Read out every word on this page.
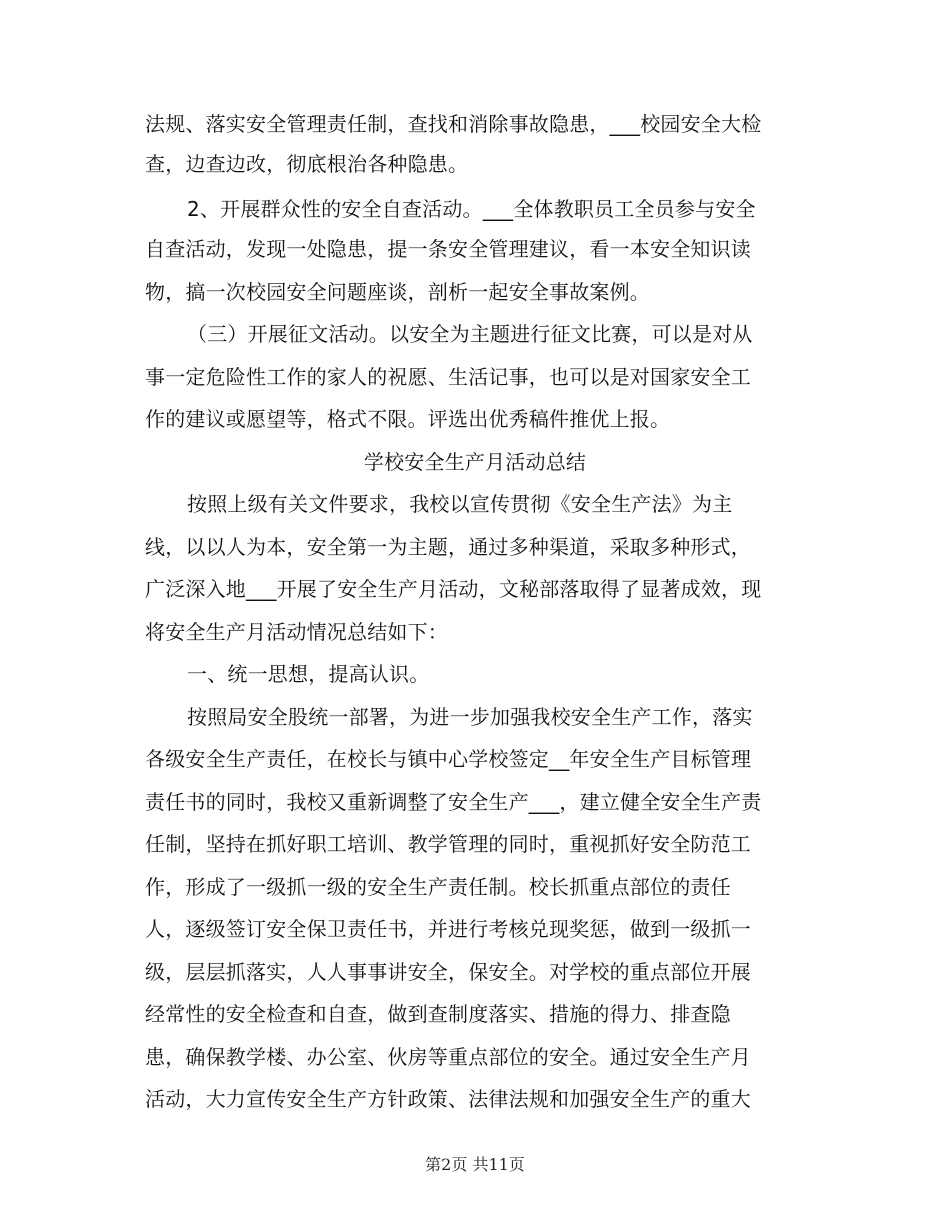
法规、落实安全管理责任制，查找和消除事故隐患，___校园安全大检
查，边查边改，彻底根治各种隐患。
2、开展群众性的安全自查活动。___全体教职员工全员参与安全
自查活动，发现一处隐患，提一条安全管理建议，看一本安全知识读
物，搞一次校园安全问题座谈，剖析一起安全事故案例。
（三）开展征文活动。以安全为主题进行征文比赛，可以是对从
事一定危险性工作的家人的祝愿、生活记事，也可以是对国家安全工
作的建议或愿望等，格式不限。评选出优秀稿件推优上报。
学校安全生产月活动总结
按照上级有关文件要求，我校以宣传贯彻《安全生产法》为主
线，以以人为本，安全第一为主题，通过多种渠道，采取多种形式，
广泛深入地___开展了安全生产月活动，文秘部落取得了显著成效，现
将安全生产月活动情况总结如下：
一、统一思想，提高认识。
按照局安全股统一部署，为进一步加强我校安全生产工作，落实
各级安全生产责任，在校长与镇中心学校签定__年安全生产目标管理
责任书的同时，我校又重新调整了安全生产___，建立健全安全生产责
任制，坚持在抓好职工培训、教学管理的同时，重视抓好安全防范工
作，形成了一级抓一级的安全生产责任制。校长抓重点部位的责任
人，逐级签订安全保卫责任书，并进行考核兑现奖惩，做到一级抓一
级，层层抓落实，人人事事讲安全，保安全。对学校的重点部位开展
经常性的安全检查和自查，做到查制度落实、措施的得力、排查隐
患，确保教学楼、办公室、伙房等重点部位的安全。通过安全生产月
活动，大力宣传安全生产方针政策、法律法规和加强安全生产的重大
第2页 共11页
